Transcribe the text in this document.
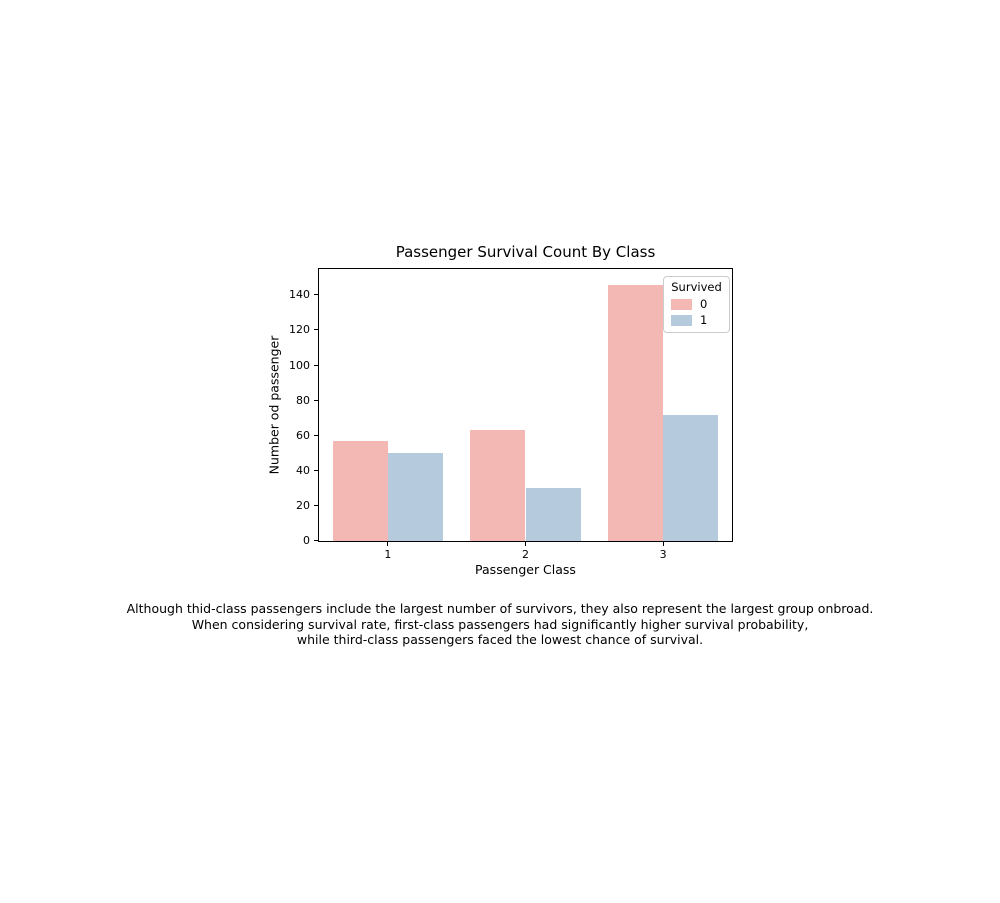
Passenger Survival Count By Class
Number od passenger
Passenger Class
Survived
0
1
Although thid-class passengers include the largest number of survivors, they also represent the largest group onbroad.
When considering survival rate, first-class passengers had significantly higher survival probability,
while third-class passengers faced the lowest chance of survival.
1	2	3
0
20
40
60
80
100
120
140
